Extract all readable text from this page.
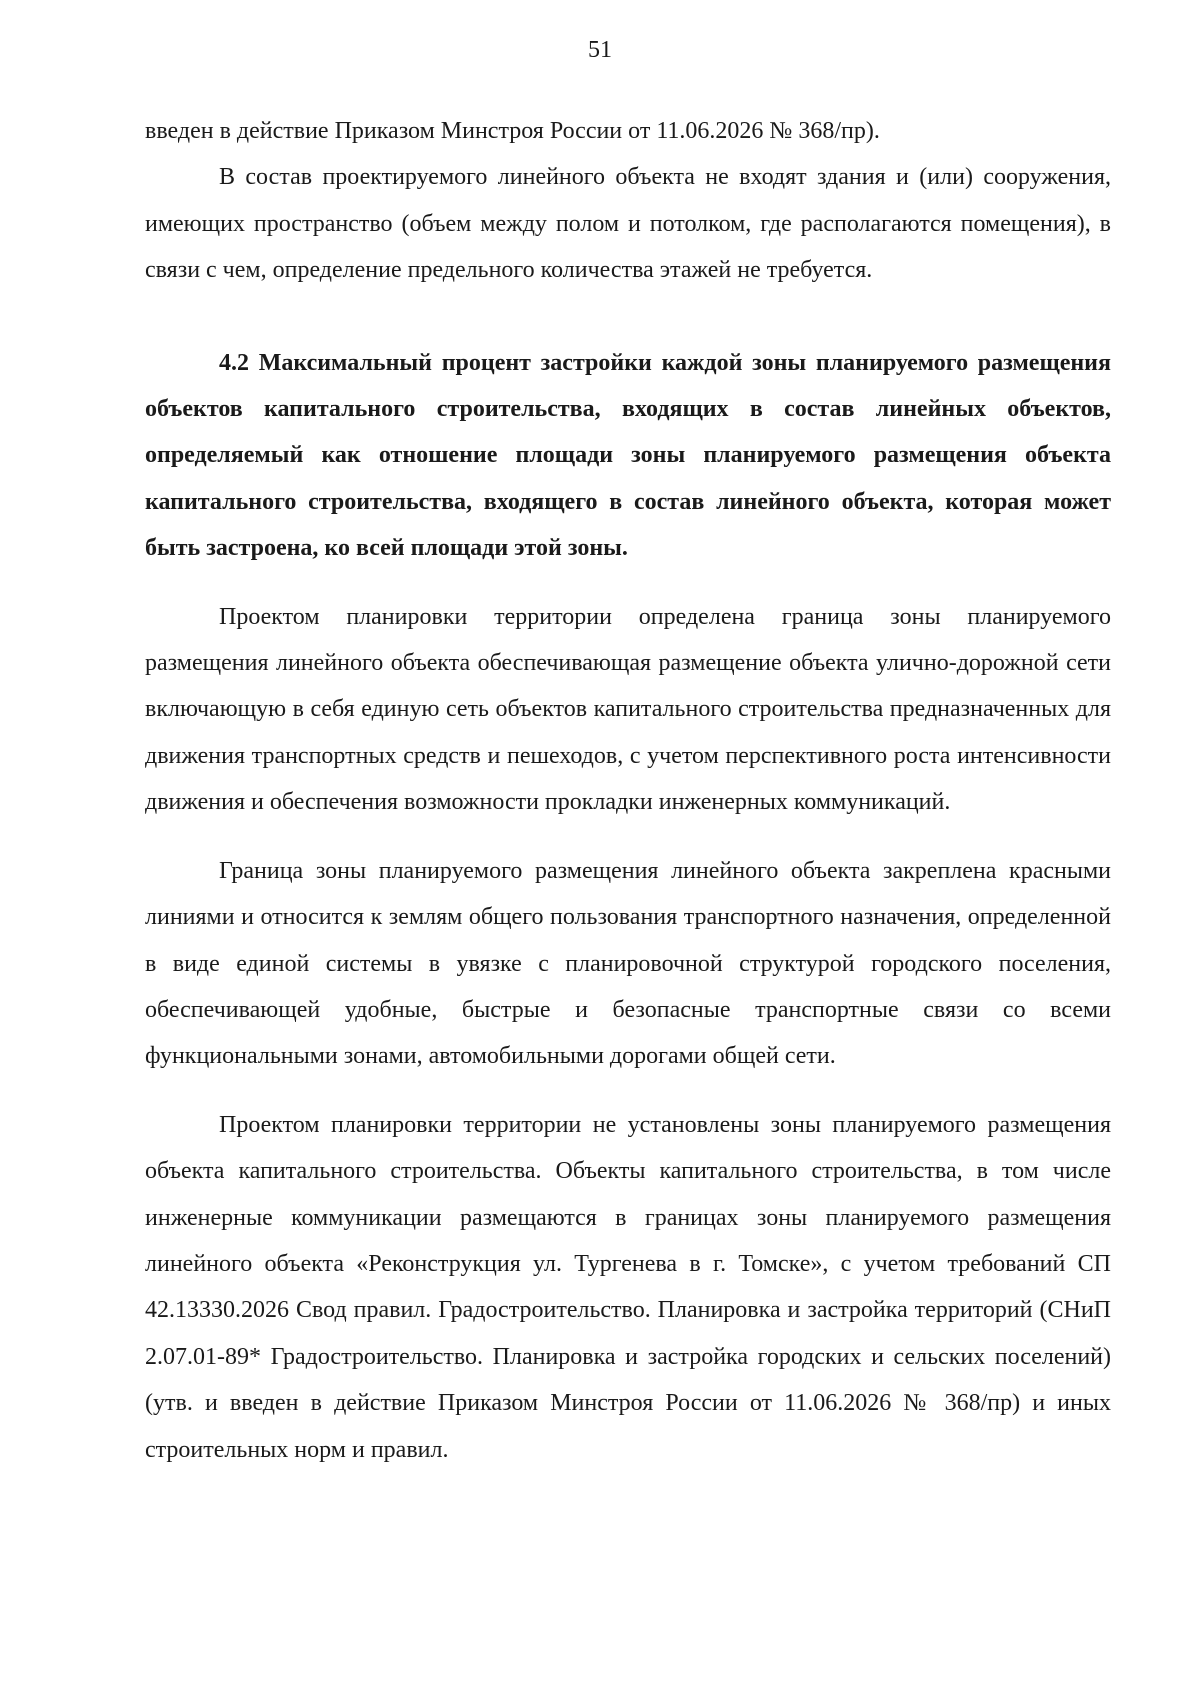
51

введен в действие Приказом Минстроя России от 11.06.2026 № 368/пр).

В состав проектируемого линейного объекта не входят здания и (или) сооружения, имеющих пространство (объем между полом и потолком, где располагаются помещения), в связи с чем, определение предельного количества этажей не требуется.

4.2 Максимальный процент застройки каждой зоны планируемого размещения объектов капитального строительства, входящих в состав линейных объектов, определяемый как отношение площади зоны планируемого размещения объекта капитального строительства, входящего в состав линейного объекта, которая может быть застроена, ко всей площади этой зоны.

Проектом планировки территории определена граница зоны планируемого размещения линейного объекта обеспечивающая размещение объекта улично-дорожной сети включающую в себя единую сеть объектов капитального строительства предназначенных для движения транспортных средств и пешеходов, с учетом перспективного роста интенсивности движения и обеспечения возможности прокладки инженерных коммуникаций.

Граница зоны планируемого размещения линейного объекта закреплена красными линиями и относится к землям общего пользования транспортного назначения, определенной в виде единой системы в увязке с планировочной структурой городского поселения, обеспечивающей удобные, быстрые и безопасные транспортные связи со всеми функциональными зонами, автомобильными дорогами общей сети.

Проектом планировки территории не установлены зоны планируемого размещения объекта капитального строительства. Объекты капитального строительства, в том числе инженерные коммуникации размещаются в границах зоны планируемого размещения линейного объекта «Реконструкция ул. Тургенева в г. Томске», с учетом требований СП 42.13330.2026 Свод правил. Градостроительство. Планировка и застройка территорий (СНиП 2.07.01-89* Градостроительство. Планировка и застройка городских и сельских поселений) (утв. и введен в действие Приказом Минстроя России от 11.06.2026 № 368/пр) и иных строительных норм и правил.
